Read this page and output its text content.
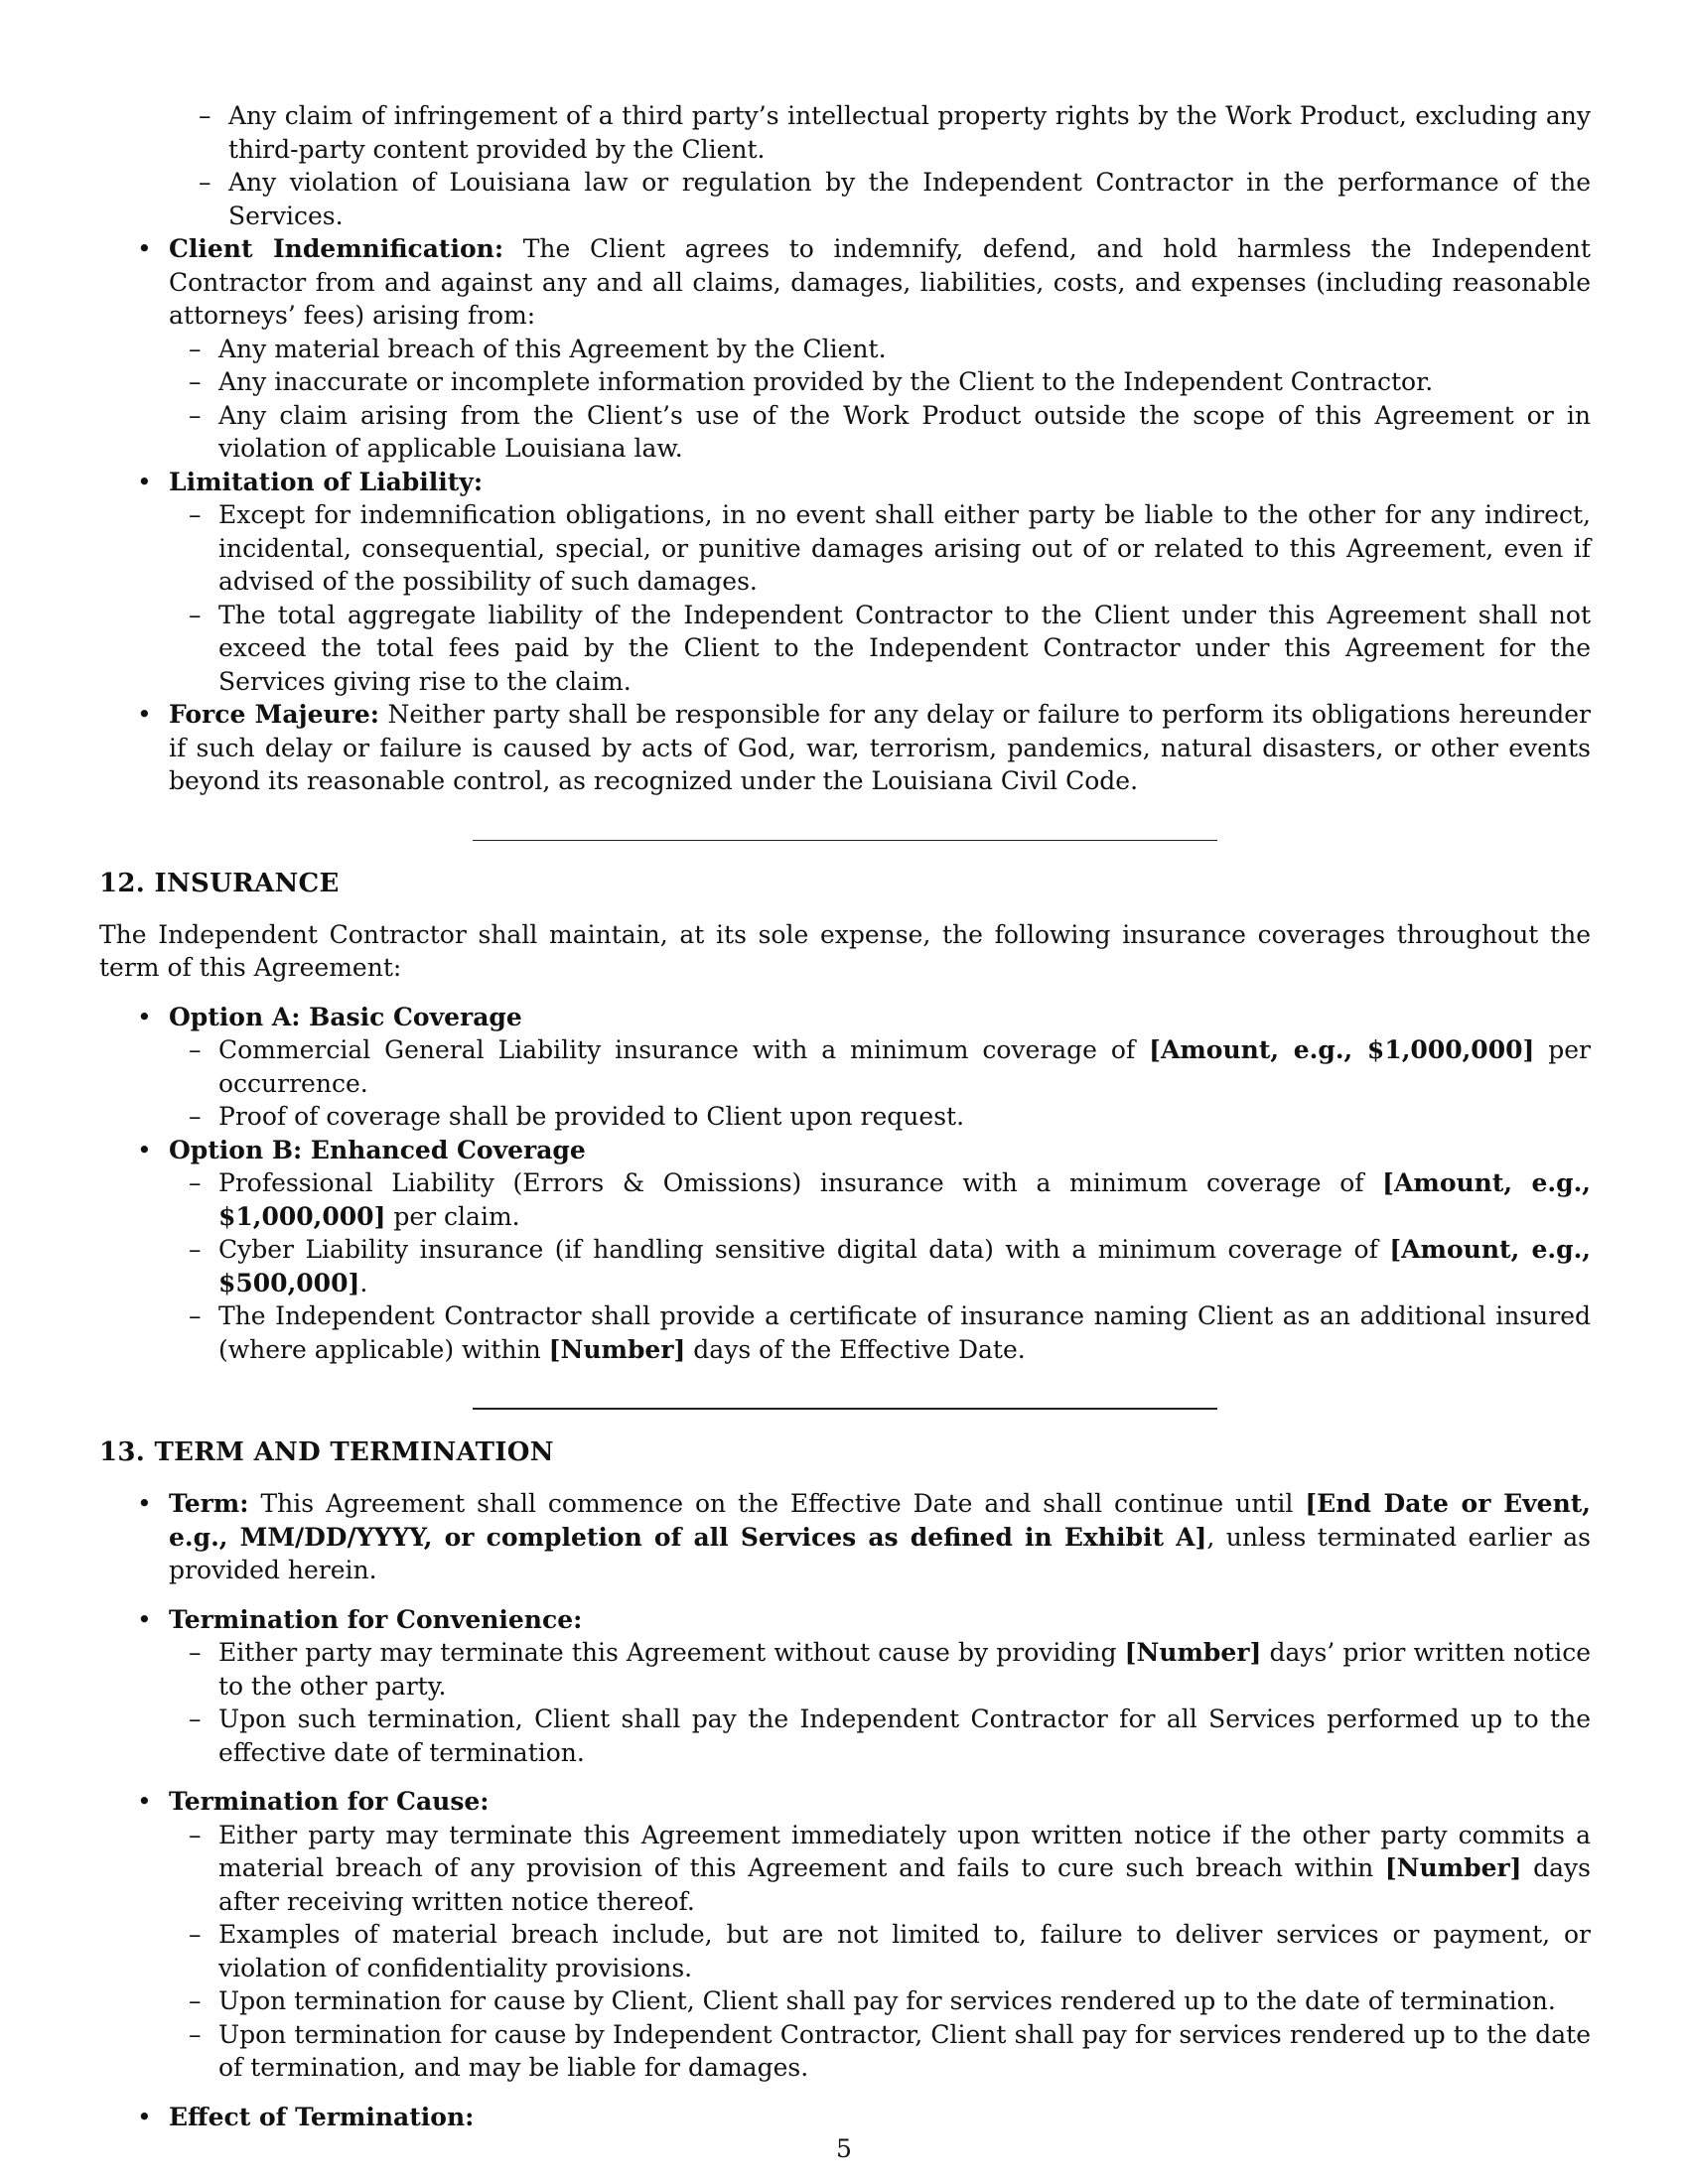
– Any claim of infringement of a third party’s intellectual property rights by the Work Product, excluding any third-party content provided by the Client.
– Any violation of Louisiana law or regulation by the Independent Contractor in the performance of the Services.
• Client Indemnification: The Client agrees to indemnify, defend, and hold harmless the Independent Contractor from and against any and all claims, damages, liabilities, costs, and expenses (including reasonable attorneys’ fees) arising from:
– Any material breach of this Agreement by the Client.
– Any inaccurate or incomplete information provided by the Client to the Independent Contractor.
– Any claim arising from the Client’s use of the Work Product outside the scope of this Agreement or in violation of applicable Louisiana law.
• Limitation of Liability:
– Except for indemnification obligations, in no event shall either party be liable to the other for any indirect, incidental, consequential, special, or punitive damages arising out of or related to this Agreement, even if advised of the possibility of such damages.
– The total aggregate liability of the Independent Contractor to the Client under this Agreement shall not exceed the total fees paid by the Client to the Independent Contractor under this Agreement for the Services giving rise to the claim.
• Force Majeure: Neither party shall be responsible for any delay or failure to perform its obligations hereunder if such delay or failure is caused by acts of God, war, terrorism, pandemics, natural disasters, or other events beyond its reasonable control, as recognized under the Louisiana Civil Code.
12. INSURANCE

The Independent Contractor shall maintain, at its sole expense, the following insurance coverages throughout the term of this Agreement:

• Option A: Basic Coverage
– Commercial General Liability insurance with a minimum coverage of [Amount, e.g., $1,000,000] per occurrence.
– Proof of coverage shall be provided to Client upon request.
• Option B: Enhanced Coverage
– Professional Liability (Errors & Omissions) insurance with a minimum coverage of [Amount, e.g., $1,000,000] per claim.
– Cyber Liability insurance (if handling sensitive digital data) with a minimum coverage of [Amount, e.g., $500,000].
– The Independent Contractor shall provide a certificate of insurance naming Client as an additional insured (where applicable) within [Number] days of the Effective Date.
13. TERM AND TERMINATION
• Term: This Agreement shall commence on the Effective Date and shall continue until [End Date or Event, e.g., MM/DD/YYYY, or completion of all Services as defined in Exhibit A], unless terminated earlier as provided herein.
• Termination for Convenience:
– Either party may terminate this Agreement without cause by providing [Number] days’ prior written notice to the other party.
– Upon such termination, Client shall pay the Independent Contractor for all Services performed up to the effective date of termination.
• Termination for Cause:
– Either party may terminate this Agreement immediately upon written notice if the other party commits a material breach of any provision of this Agreement and fails to cure such breach within [Number] days after receiving written notice thereof.
– Examples of material breach include, but are not limited to, failure to deliver services or payment, or violation of confidentiality provisions.
– Upon termination for cause by Client, Client shall pay for services rendered up to the date of termination.
– Upon termination for cause by Independent Contractor, Client shall pay for services rendered up to the date of termination, and may be liable for damages.
• Effect of Termination:
5
